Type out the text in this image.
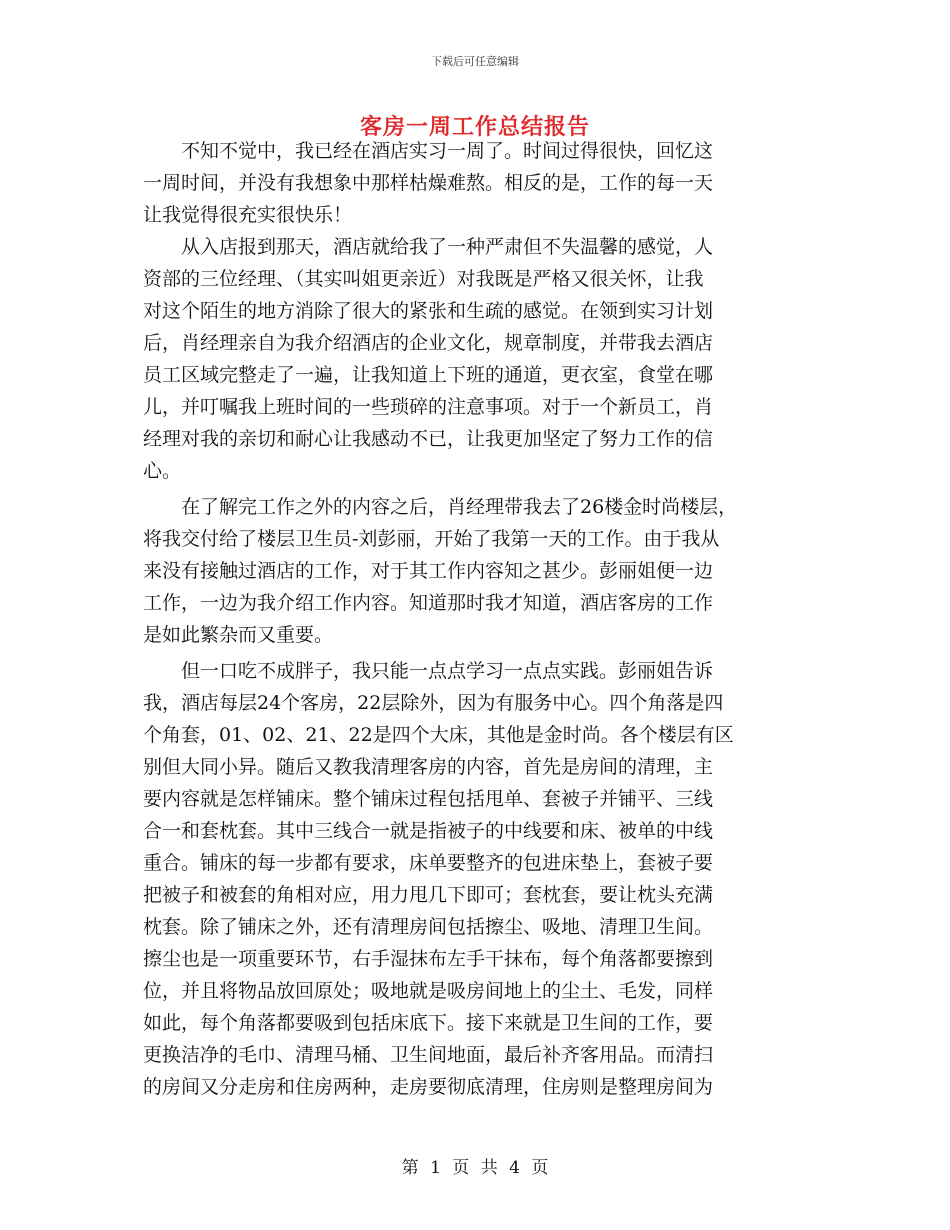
下载后可任意编辑
客房一周工作总结报告
　　不知不觉中，我已经在酒店实习一周了。时间过得很快，回忆这
一周时间，并没有我想象中那样枯燥难熬。相反的是，工作的每一天
让我觉得很充实很快乐！
　　从入店报到那天，酒店就给我了一种严肃但不失温馨的感觉，人
资部的三位经理、（其实叫姐更亲近）对我既是严格又很关怀，让我
对这个陌生的地方消除了很大的紧张和生疏的感觉。在领到实习计划
后，肖经理亲自为我介绍酒店的企业文化，规章制度，并带我去酒店
员工区域完整走了一遍，让我知道上下班的通道，更衣室，食堂在哪
儿，并叮嘱我上班时间的一些琐碎的注意事项。对于一个新员工，肖
经理对我的亲切和耐心让我感动不已，让我更加坚定了努力工作的信
心。
　　在了解完工作之外的内容之后，肖经理带我去了26楼金时尚楼层，
将我交付给了楼层卫生员-刘彭丽，开始了我第一天的工作。由于我从
来没有接触过酒店的工作，对于其工作内容知之甚少。彭丽姐便一边
工作，一边为我介绍工作内容。知道那时我才知道，酒店客房的工作
是如此繁杂而又重要。
　　但一口吃不成胖子，我只能一点点学习一点点实践。彭丽姐告诉
我，酒店每层24个客房，22层除外，因为有服务中心。四个角落是四
个角套，01、02、21、22是四个大床，其他是金时尚。各个楼层有区
别但大同小异。随后又教我清理客房的内容，首先是房间的清理，主
要内容就是怎样铺床。整个铺床过程包括甩单、套被子并铺平、三线
合一和套枕套。其中三线合一就是指被子的中线要和床、被单的中线
重合。铺床的每一步都有要求，床单要整齐的包进床垫上，套被子要
把被子和被套的角相对应，用力甩几下即可；套枕套，要让枕头充满
枕套。除了铺床之外，还有清理房间包括擦尘、吸地、清理卫生间。
擦尘也是一项重要环节，右手湿抹布左手干抹布，每个角落都要擦到
位，并且将物品放回原处；吸地就是吸房间地上的尘土、毛发，同样
如此，每个角落都要吸到包括床底下。接下来就是卫生间的工作，要
更换洁净的毛巾、清理马桶、卫生间地面，最后补齐客用品。而清扫
的房间又分走房和住房两种，走房要彻底清理，住房则是整理房间为
第 1 页 共 4 页
